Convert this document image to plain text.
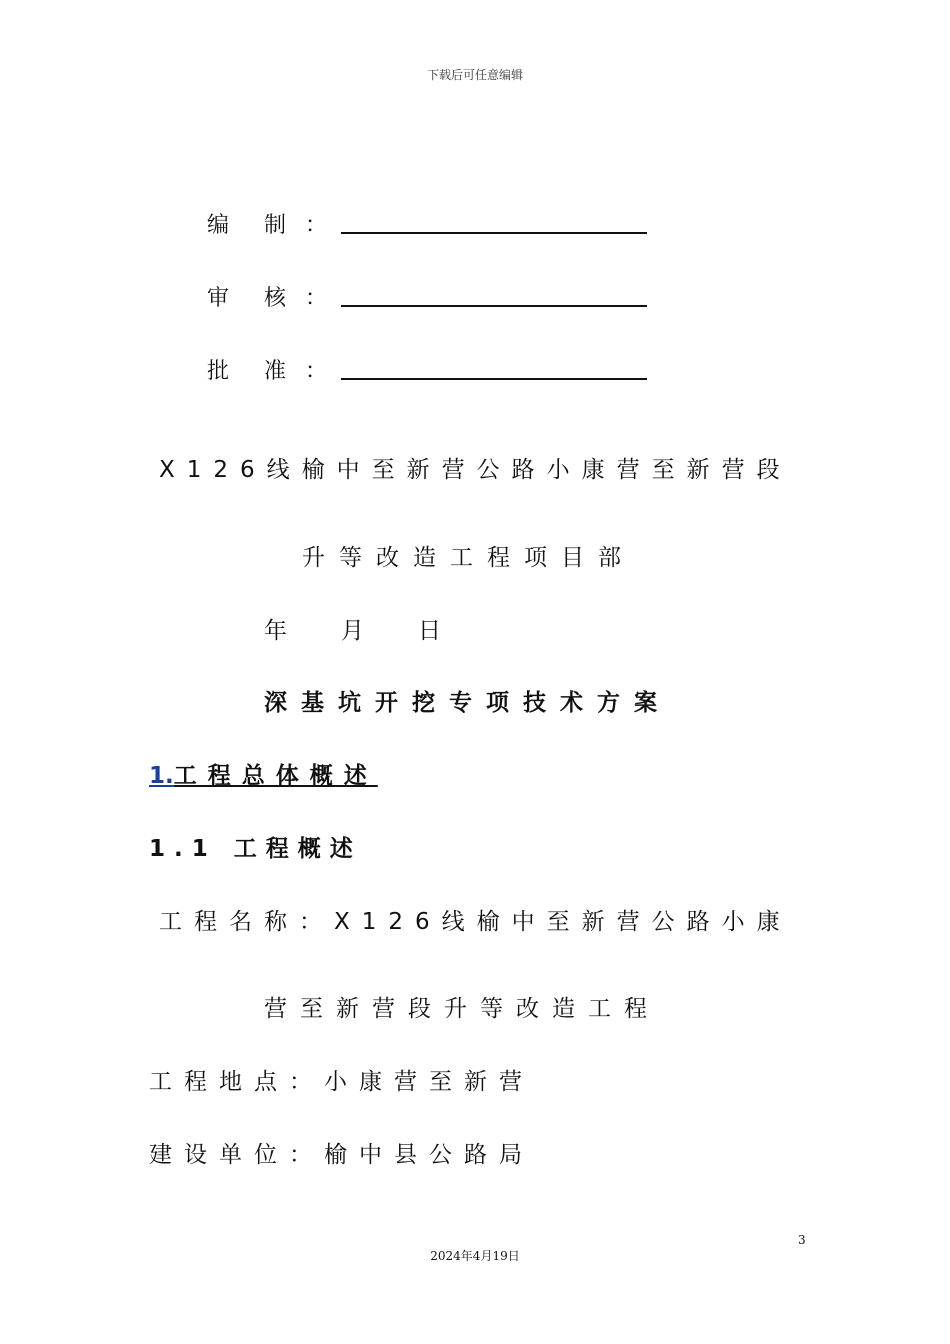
下载后可任意编辑
编 制 ：
审 核 ：
批 准 ：
X126线榆中至新营公路小康营至新营段
升等改造工程项目部
年 月 日
深基坑开挖专项技术方案
1.工程总体概述
1.1 工程概述
工程名称：X126线榆中至新营公路小康
营至新营段升等改造工程
工程地点：小康营至新营
建设单位：榆中县公路局
3
2024年4月19日
